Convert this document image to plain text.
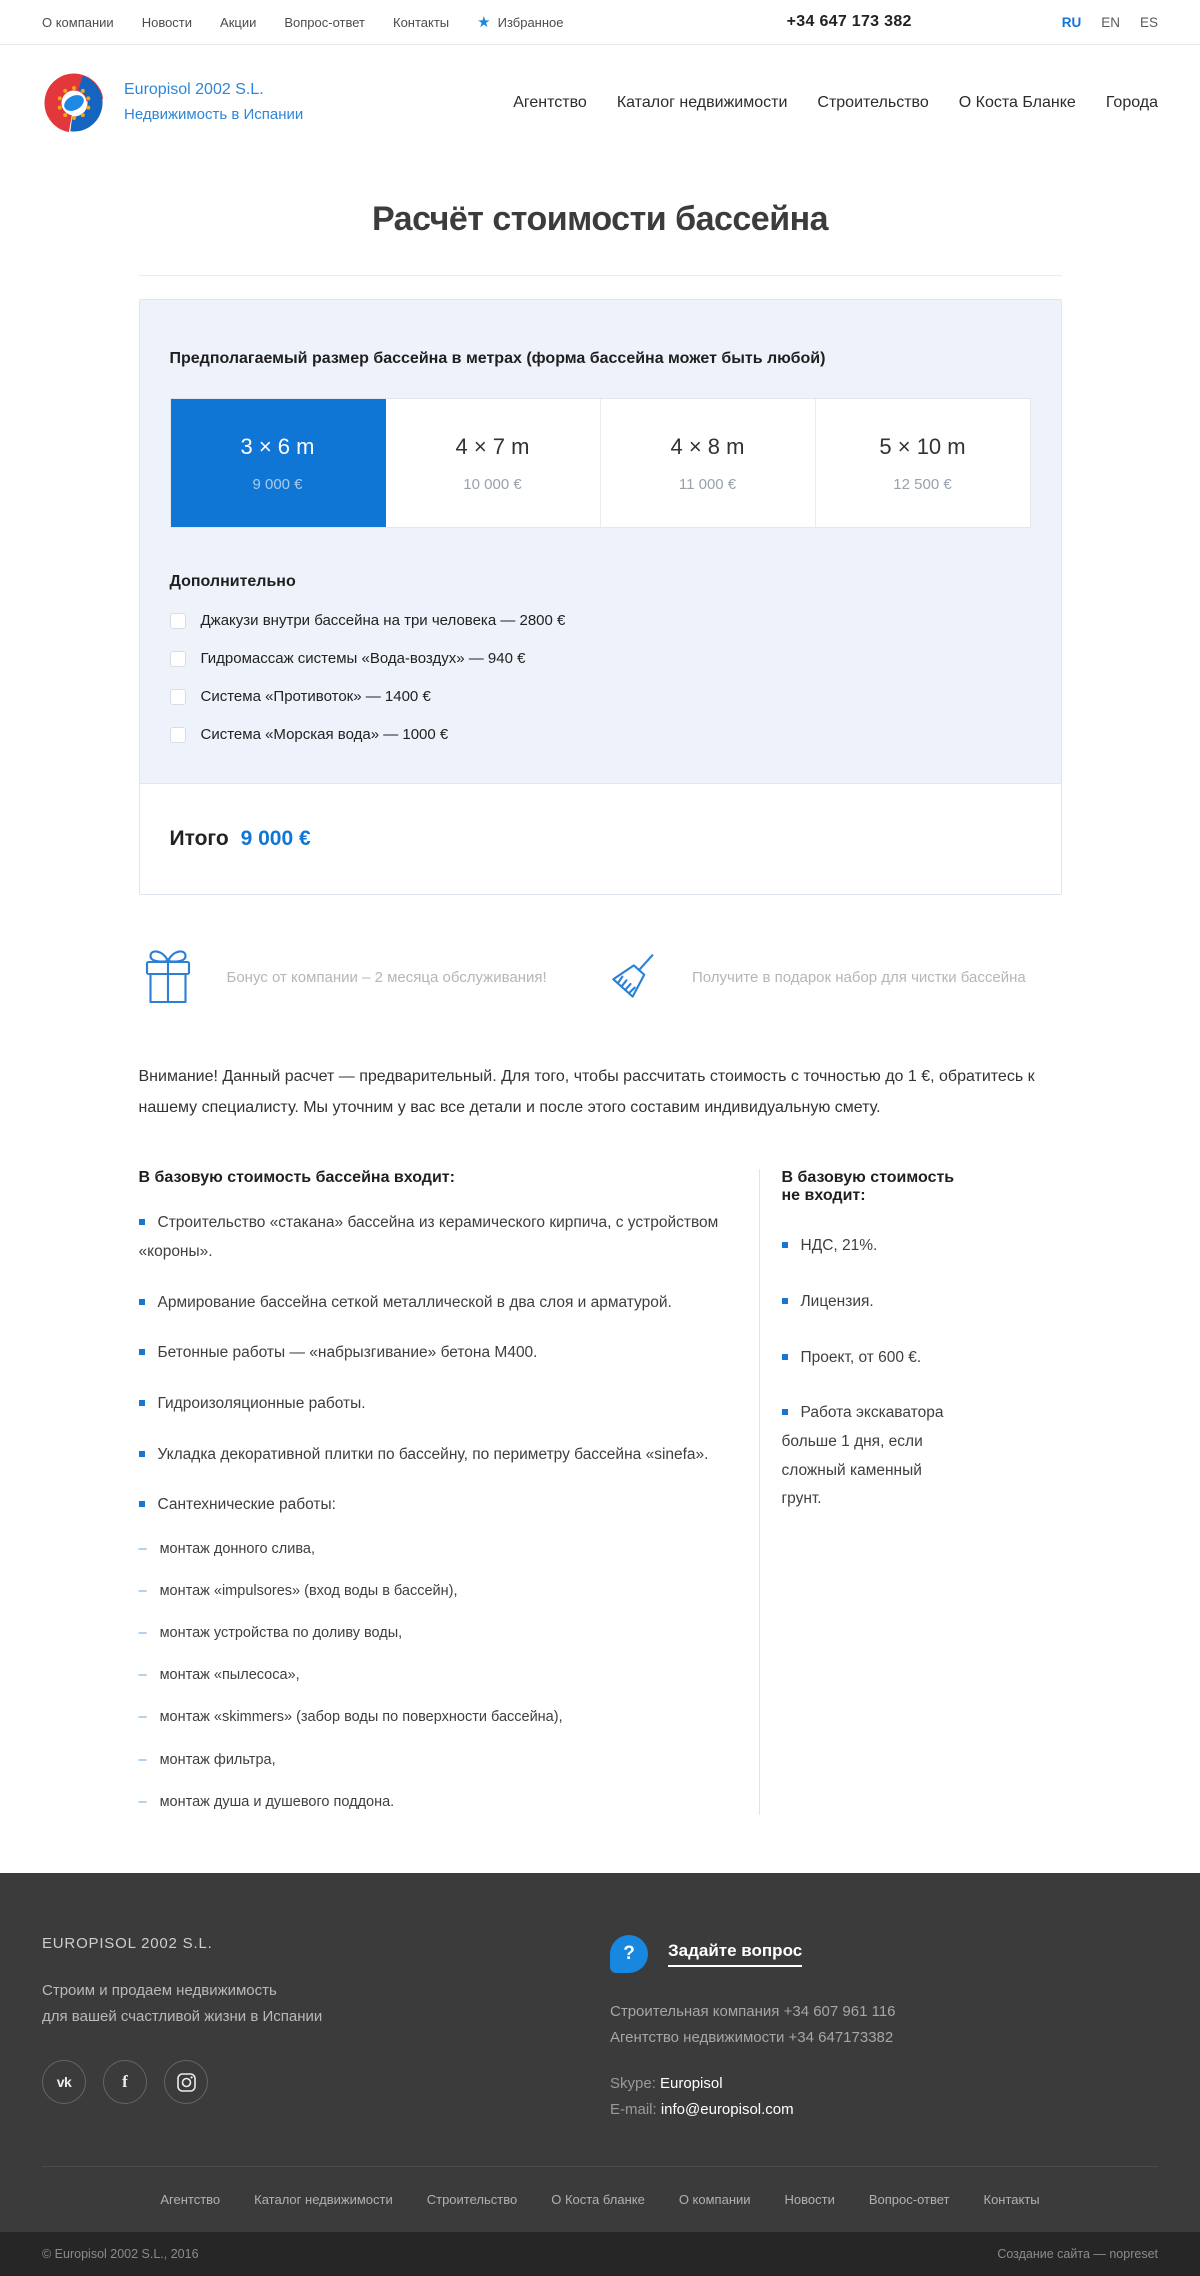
О компании Новости Акции Вопрос-ответ Контакты ★ Избранное	+34 647 173 382	RU EN ES
Europisol 2002 S.L.
Недвижимость в Испании
Агентство Каталог недвижимости Строительство О Коста Бланке Города
Расчёт стоимости бассейна
Предполагаемый размер бассейна в метрах (форма бассейна может быть любой)
3 × 6 m
9 000 €
4 × 7 m
10 000 €
4 × 8 m
11 000 €
5 × 10 m
12 500 €
Дополнительно
Джакузи внутри бассейна на три человека — 2800 €
Гидромассаж системы «Вода-воздух» — 940 €
Система «Противоток» — 1400 €
Система «Морская вода» — 1000 €
Итого 9 000 €
Бонус от компании – 2 месяца обслуживания!	Получите в подарок набор для чистки бассейна

Внимание! Данный расчет — предварительный. Для того, чтобы рассчитать стоимость с точностью до 1 €, обратитесь к нашему специалисту. Мы уточним у вас все детали и после этого составим индивидуальную смету.

В базовую стоимость бассейна входит:
Строительство «стакана» бассейна из керамического кирпича, с устройством «короны».
Армирование бассейна сеткой металлической в два слоя и арматурой.
Бетонные работы — «набрызгивание» бетона М400.
Гидроизоляционные работы.
Укладка декоративной плитки по бассейну, по периметру бассейна «sinefa».
Сантехнические работы:
– монтаж донного слива,
– монтаж «impulsores» (вход воды в бассейн),
– монтаж устройства по доливу воды,
– монтаж «пылесоса»,
– монтаж «skimmers» (забор воды по поверхности бассейна),
– монтаж фильтра,
– монтаж душа и душевого поддона.
В базовую стоимость не входит:
НДС, 21%.
Лицензия.
Проект, от 600 €.
Работа экскаватора больше 1 дня, если сложный каменный грунт.
EUROPISOL 2002 S.L.
Строим и продаем недвижимость
для вашей счастливой жизни в Испании
vk	f
?	Задайте вопрос
Строительная компания +34 607 961 116
Агентство недвижимости +34 647173382
Skype: Europisol
E-mail: info@europisol.com
Агентство	Каталог недвижимости	Строительство	О Коста бланке	О компании	Новости	Вопрос-ответ	Контакты
© Europisol 2002 S.L., 2016	Создание сайта — nopreset
